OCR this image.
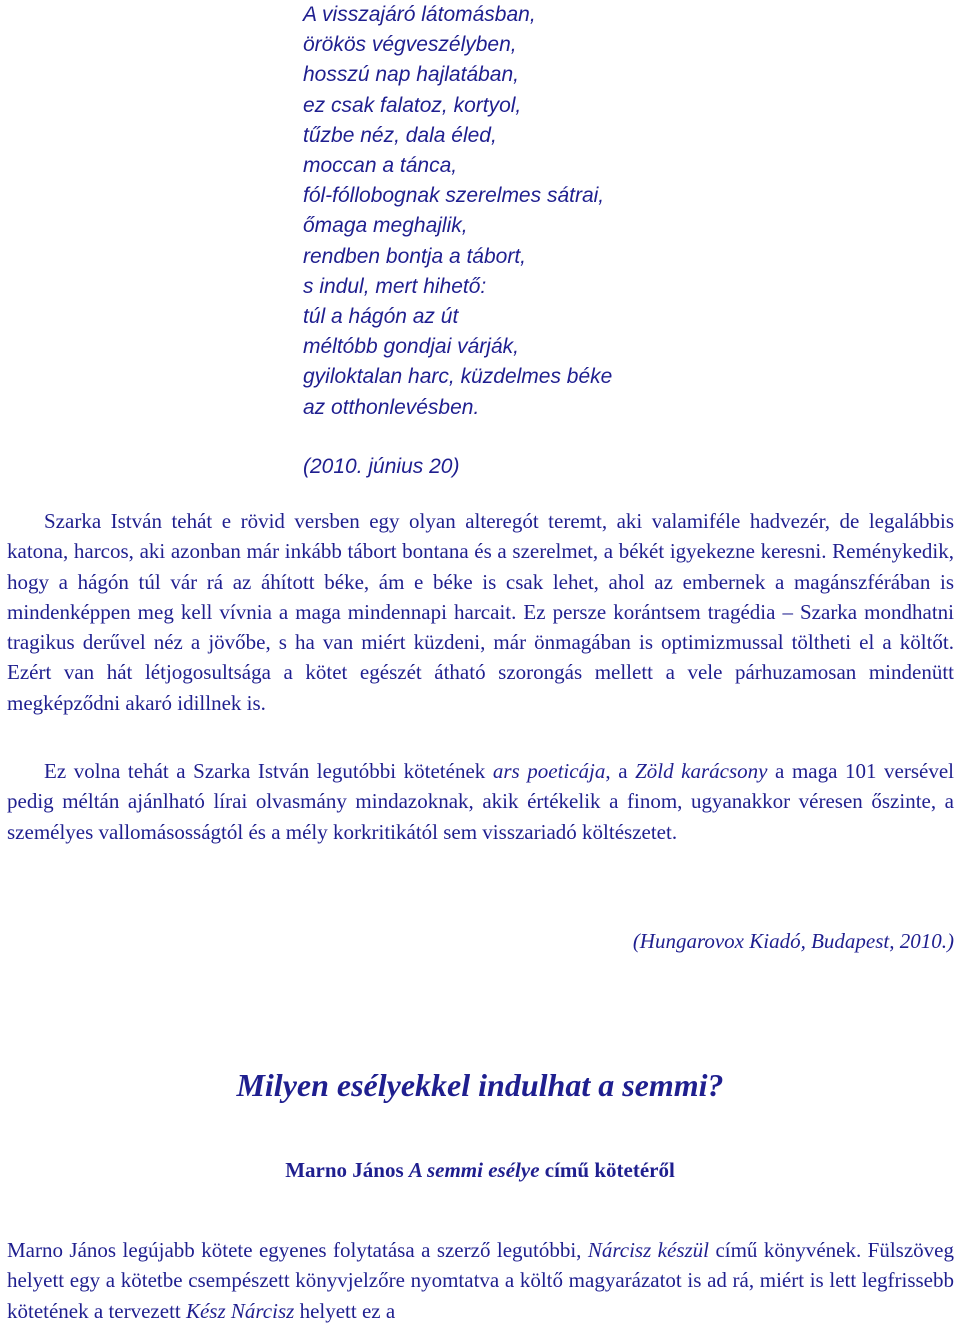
A visszajáró látomásban,
örökös végveszélyben,
hosszú nap hajlatában,
ez csak falatoz, kortyol,
tűzbe néz, dala éled,
moccan a tánca,
fól-fóllobognak szerelmes sátrai,
őmaga meghajlik,
rendben bontja a tábort,
s indul, mert hihető:
túl a hágón az út
méltóbb gondjai várják,
gyiloktalan harc, küzdelmes béke
az otthonlevésben.
(2010. június 20)

Szarka István tehát e rövid versben egy olyan alteregót teremt, aki valamiféle hadvezér, de legalábbis katona, harcos, aki azonban már inkább tábort bontana és a szerelmet, a békét igyekezne keresni. Reménykedik, hogy a hágón túl vár rá az áhított béke, ám e béke is csak lehet, ahol az embernek a magánszférában is mindenképpen meg kell vívnia a maga mindennapi harcait. Ez persze korántsem tragédia – Szarka mondhatni tragikus derűvel néz a jövőbe, s ha van miért küzdeni, már önmagában is optimizmussal töltheti el a költőt. Ezért van hát létjogosultsága a kötet egészét átható szorongás mellett a vele párhuzamosan mindenütt megképződni akaró idillnek is.

Ez volna tehát a Szarka István legutóbbi kötetének ars poeticája, a Zöld karácsony a maga 101 versével pedig méltán ajánlható lírai olvasmány mindazoknak, akik értékelik a finom, ugyanakkor véresen őszinte, a személyes vallomásosságtól és a mély korkritikától sem visszariadó költészetet.

(Hungarovox Kiadó, Budapest, 2010.)
Milyen esélyekkel indulhat a semmi?
Marno János A semmi esélye című kötetéről

Marno János legújabb kötete egyenes folytatása a szerző legutóbbi, Nárcisz készül című könyvének. Fülszöveg helyett egy a kötetbe csempészett könyvjelzőre nyomtatva a költő magyarázatot is ad rá, miért is lett legfrissebb kötetének a tervezett Kész Nárcisz helyett ez a
